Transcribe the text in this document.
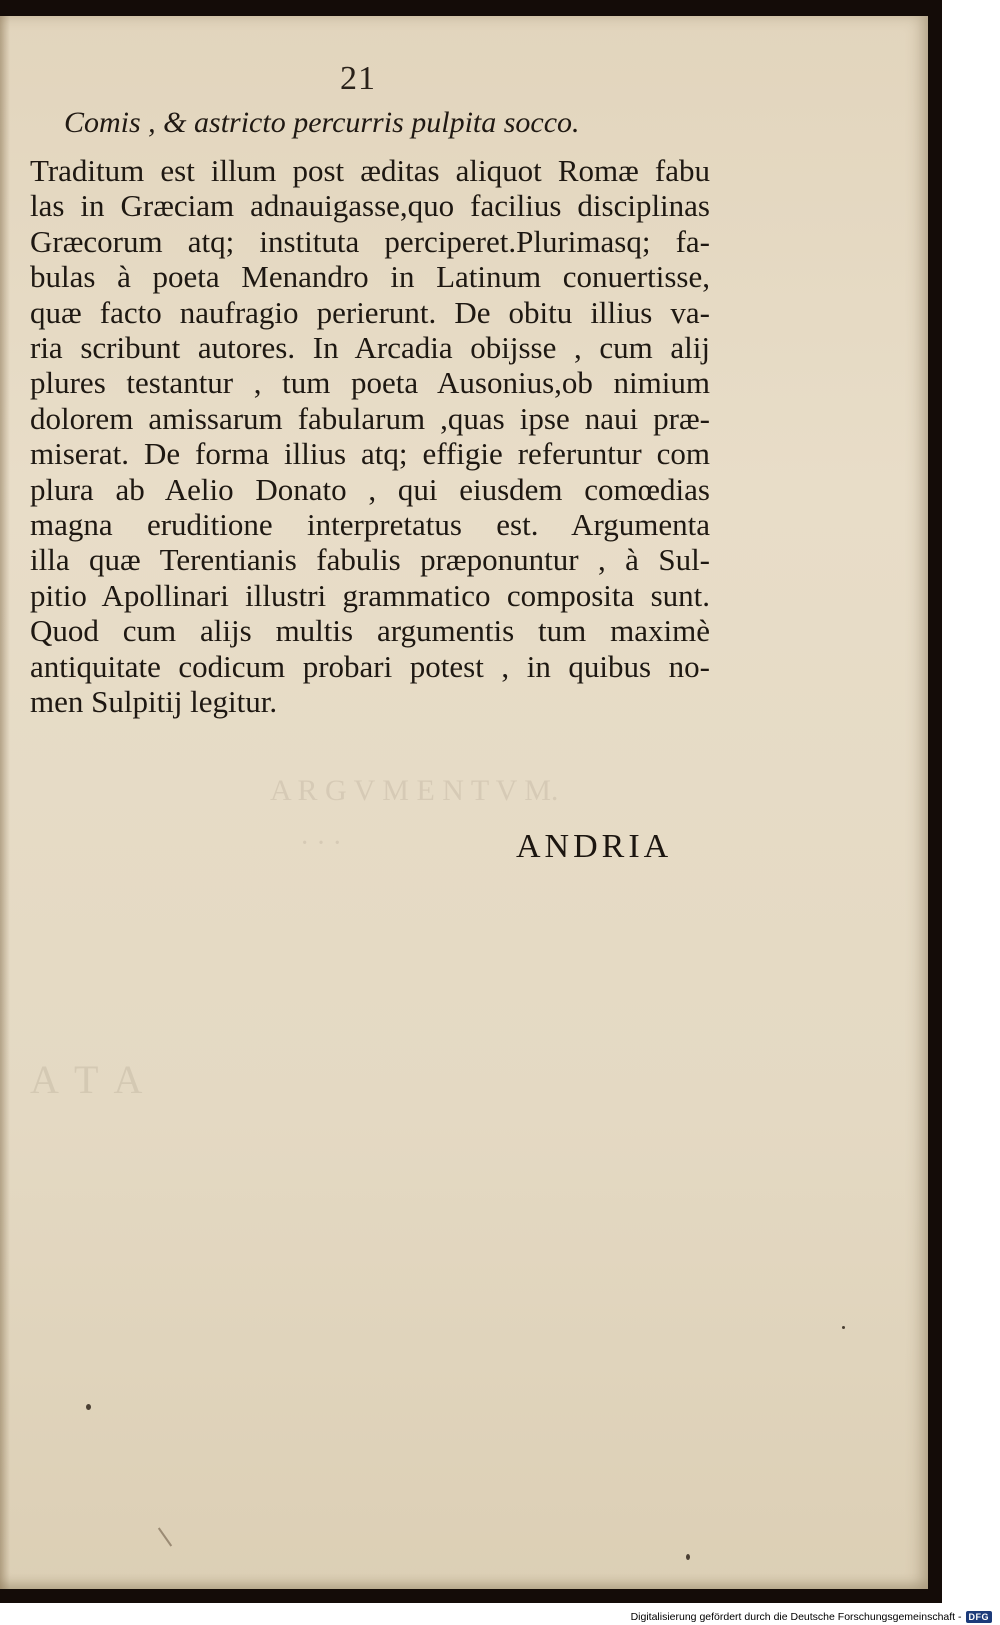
A R G V M E N T V M.
· · ·
A T A
21
Comis , & astricto percurris pulpita socco.
Traditum est illum post æditas aliquot Romæ fabu
las in Græciam adnauigasse,quo facilius disciplinas
Græcorum atq; instituta perciperet.Plurimasq; fa-
bulas à poeta Menandro in Latinum conuertisse,
quæ facto naufragio perierunt. De obitu illius va-
ria scribunt autores. In Arcadia obijsse , cum alij
plures testantur , tum poeta Ausonius,ob nimium
dolorem amissarum fabularum ,quas ipse naui præ-
miserat. De forma illius atq; effigie referuntur com
plura ab Aelio Donato , qui eiusdem comœdias
magna eruditione interpretatus est. Argumenta
illa quæ Terentianis fabulis præponuntur , à Sul-
pitio Apollinari illustri grammatico composita sunt.
Quod cum alijs multis argumentis tum maximè
antiquitate codicum probari potest , in quibus no-
men Sulpitij legitur.
ANDRIA
Digitalisierung gefördert durch die Deutsche Forschungsgemeinschaft - DFG
